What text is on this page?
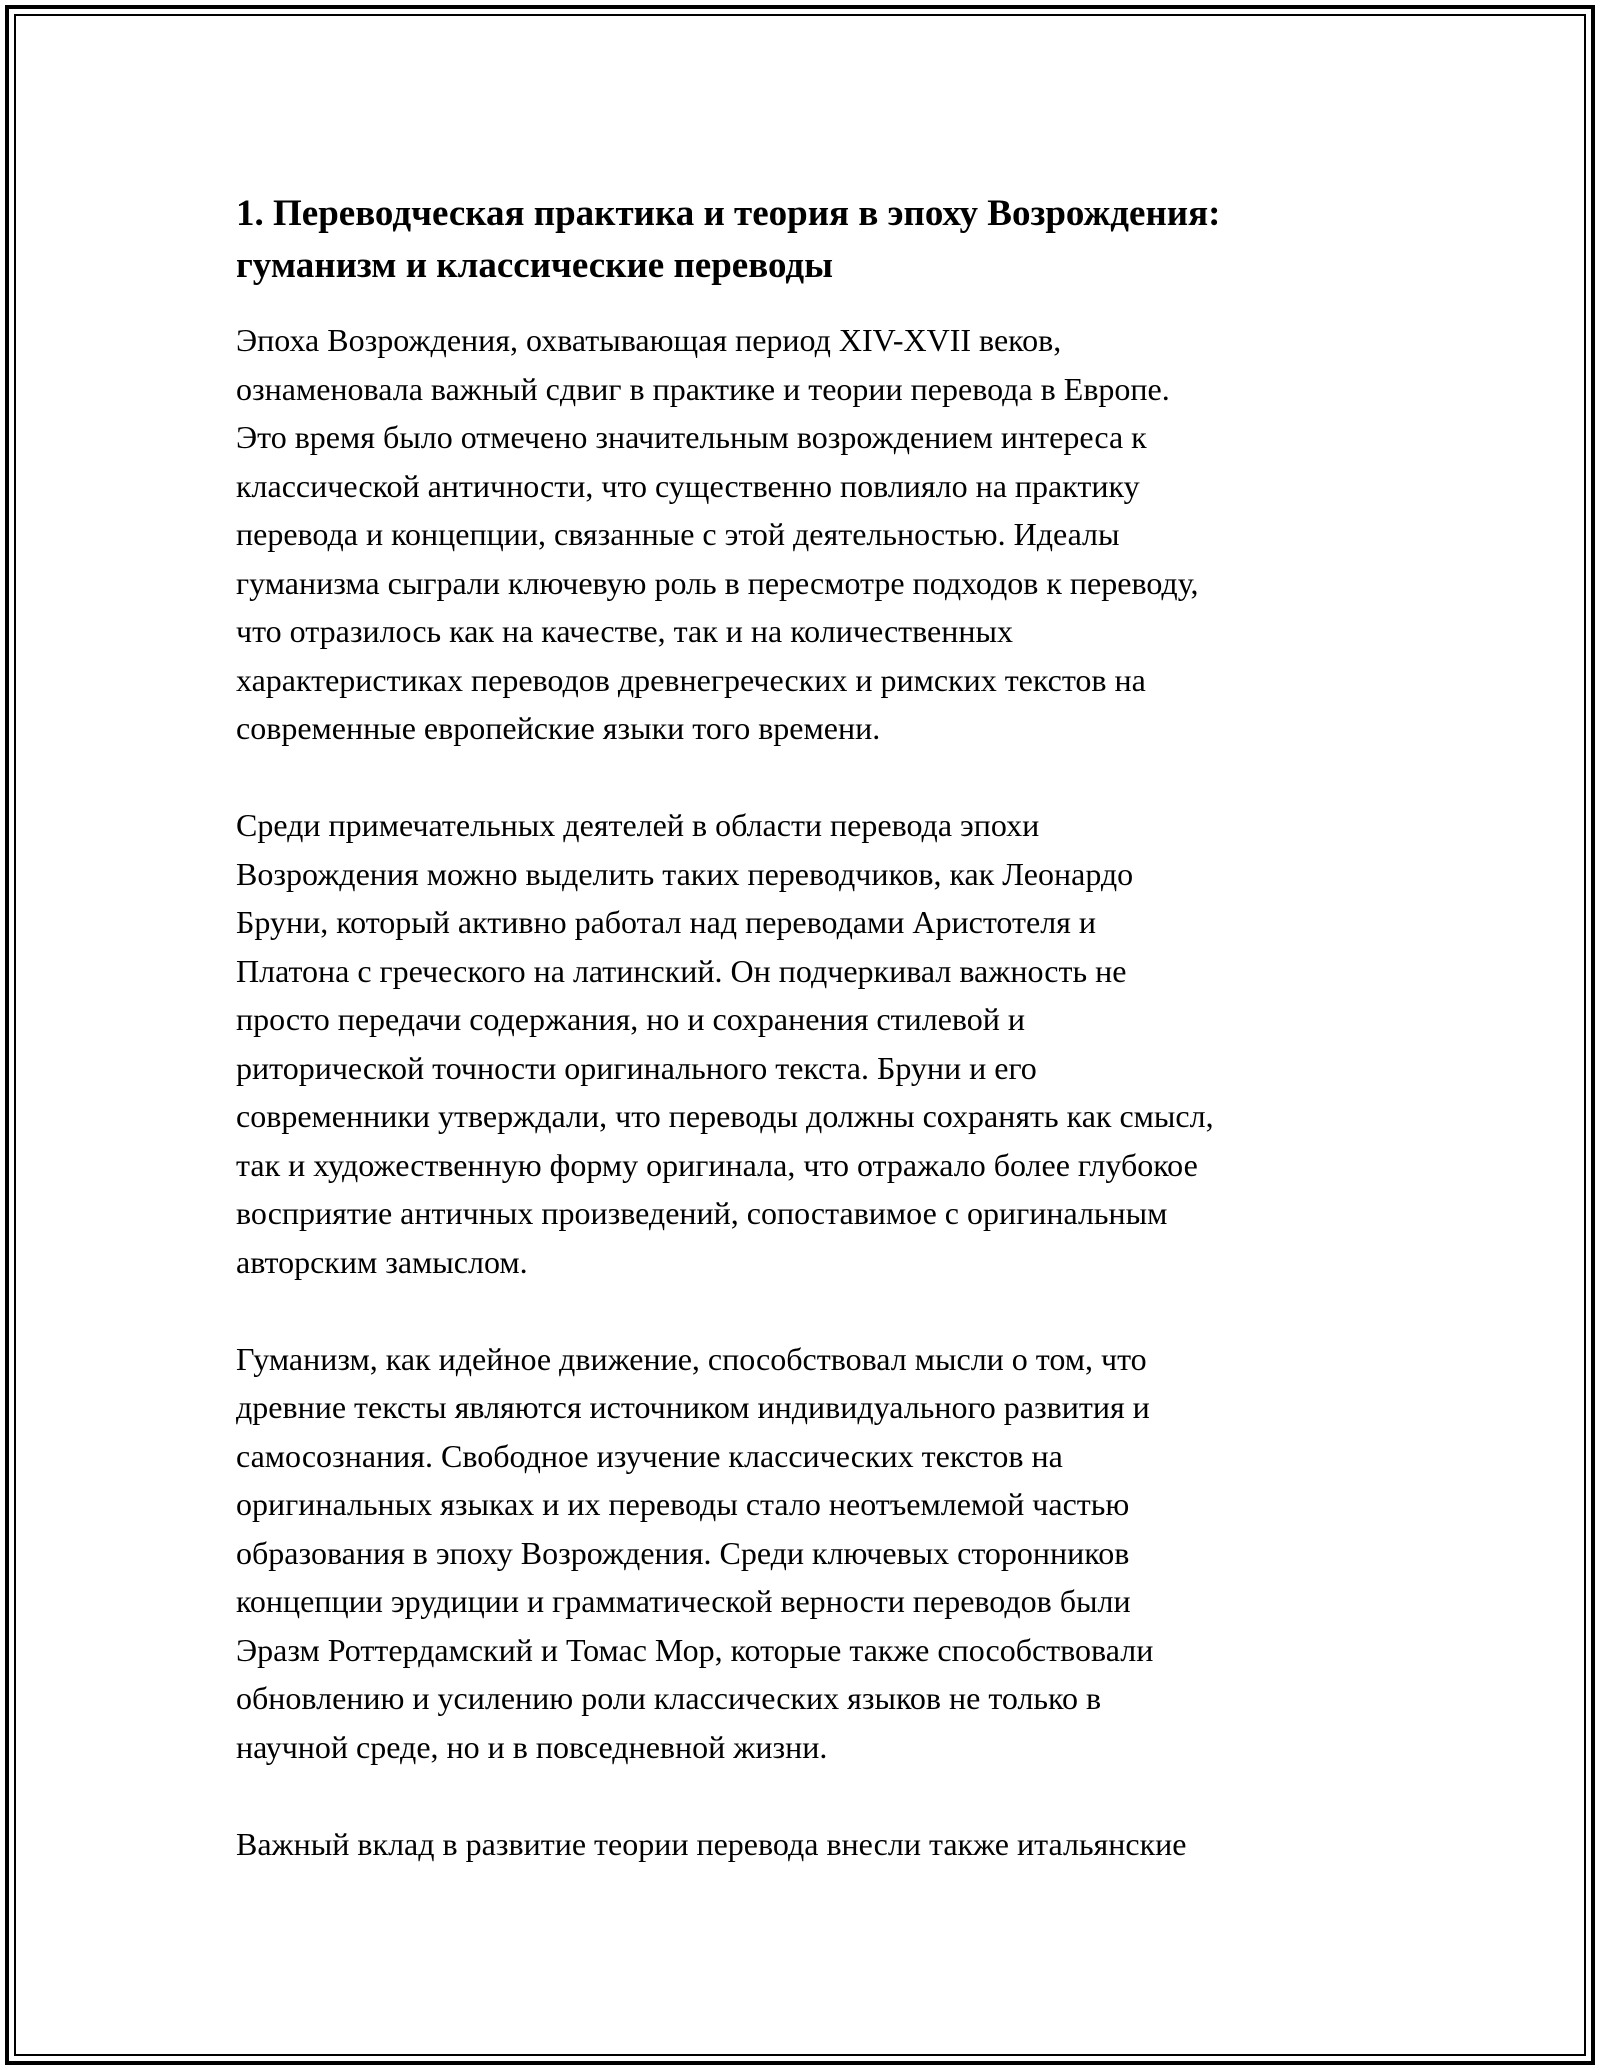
1. Переводческая практика и теория в эпоху Возрождения:
гуманизм и классические переводы
Эпоха Возрождения, охватывающая период XIV-XVII веков,
ознаменовала важный сдвиг в практике и теории перевода в Европе.
Это время было отмечено значительным возрождением интереса к
классической античности, что существенно повлияло на практику
перевода и концепции, связанные с этой деятельностью. Идеалы
гуманизма сыграли ключевую роль в пересмотре подходов к переводу,
что отразилось как на качестве, так и на количественных
характеристиках переводов древнегреческих и римских текстов на
современные европейские языки того времени.
Среди примечательных деятелей в области перевода эпохи
Возрождения можно выделить таких переводчиков, как Леонардо
Бруни, который активно работал над переводами Аристотеля и
Платона с греческого на латинский. Он подчеркивал важность не
просто передачи содержания, но и сохранения стилевой и
риторической точности оригинального текста. Бруни и его
современники утверждали, что переводы должны сохранять как смысл,
так и художественную форму оригинала, что отражало более глубокое
восприятие античных произведений, сопоставимое с оригинальным
авторским замыслом.
Гуманизм, как идейное движение, способствовал мысли о том, что
древние тексты являются источником индивидуального развития и
самосознания. Свободное изучение классических текстов на
оригинальных языках и их переводы стало неотъемлемой частью
образования в эпоху Возрождения. Среди ключевых сторонников
концепции эрудиции и грамматической верности переводов были
Эразм Роттердамский и Томас Мор, которые также способствовали
обновлению и усилению роли классических языков не только в
научной среде, но и в повседневной жизни.
Важный вклад в развитие теории перевода внесли также итальянские
